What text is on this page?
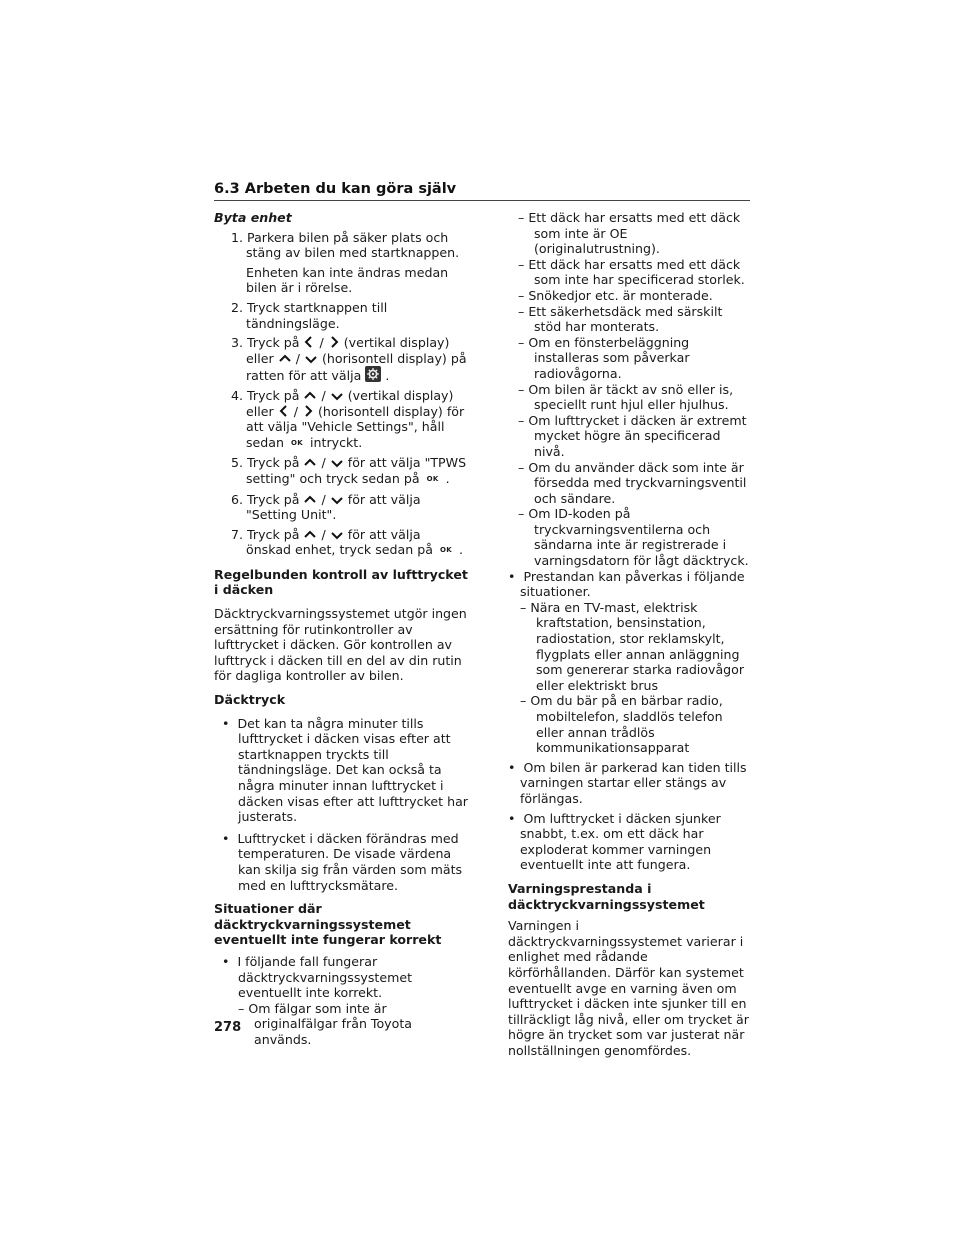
6.3 Arbeten du kan göra själv

Byta enhet

1. Parkera bilen på säker plats och stäng av bilen med startknappen.

Enheten kan inte ändras medan bilen är i rörelse.

2. Tryck startknappen till tändningsläge.

3. Tryck på / (vertikal display) eller / (horisontell display) på ratten för att välja .

4. Tryck på / (vertikal display) eller / (horisontell display) för att välja "Vehicle Settings", håll sedan OK intryckt.

5. Tryck på / för att välja "TPWS setting" och tryck sedan på OK .

6. Tryck på / för att välja "Setting Unit".

7. Tryck på / för att välja önskad enhet, tryck sedan på OK .

Regelbunden kontroll av lufttrycket i däcken

Däcktryckvarningssystemet utgör ingen ersättning för rutinkontroller av lufttrycket i däcken. Gör kontrollen av lufttryck i däcken till en del av din rutin för dagliga kontroller av bilen.

Däcktryck

• Det kan ta några minuter tills lufttrycket i däcken visas efter att startknappen tryckts till tändningsläge. Det kan också ta några minuter innan lufttrycket i däcken visas efter att lufttrycket har justerats.

• Lufttrycket i däcken förändras med temperaturen. De visade värdena kan skilja sig från värden som mäts med en lufttrycksmätare.

Situationer där däcktryckvarningssystemet eventuellt inte fungerar korrekt

• I följande fall fungerar däcktryckvarningssystemet eventuellt inte korrekt.

– Om fälgar som inte är originalfälgar från Toyota används.

– Ett däck har ersatts med ett däck som inte är OE (originalutrustning).

– Ett däck har ersatts med ett däck som inte har specificerad storlek.

– Snökedjor etc. är monterade.

– Ett säkerhetsdäck med särskilt stöd har monterats.

– Om en fönsterbeläggning installeras som påverkar radiovågorna.

– Om bilen är täckt av snö eller is, speciellt runt hjul eller hjulhus.

– Om lufttrycket i däcken är extremt mycket högre än specificerad nivå.

– Om du använder däck som inte är försedda med tryckvarningsventil och sändare.

– Om ID-koden på tryckvarningsventilerna och sändarna inte är registrerade i varningsdatorn för lågt däcktryck.

• Prestandan kan påverkas i följande situationer.

– Nära en TV-mast, elektrisk kraftstation, bensinstation, radiostation, stor reklamskylt, flygplats eller annan anläggning som genererar starka radiovågor eller elektriskt brus

– Om du bär på en bärbar radio, mobiltelefon, sladdlös telefon eller annan trådlös kommunikationsapparat

• Om bilen är parkerad kan tiden tills varningen startar eller stängs av förlängas.

• Om lufttrycket i däcken sjunker snabbt, t.ex. om ett däck har exploderat kommer varningen eventuellt inte att fungera.

Varningsprestanda i däcktryckvarningssystemet

Varningen i däcktryckvarningssystemet varierar i enlighet med rådande körförhållanden. Därför kan systemet eventuellt avge en varning även om lufttrycket i däcken inte sjunker till en tillräckligt låg nivå, eller om trycket är högre än trycket som var justerat när nollställningen genomfördes.

278
